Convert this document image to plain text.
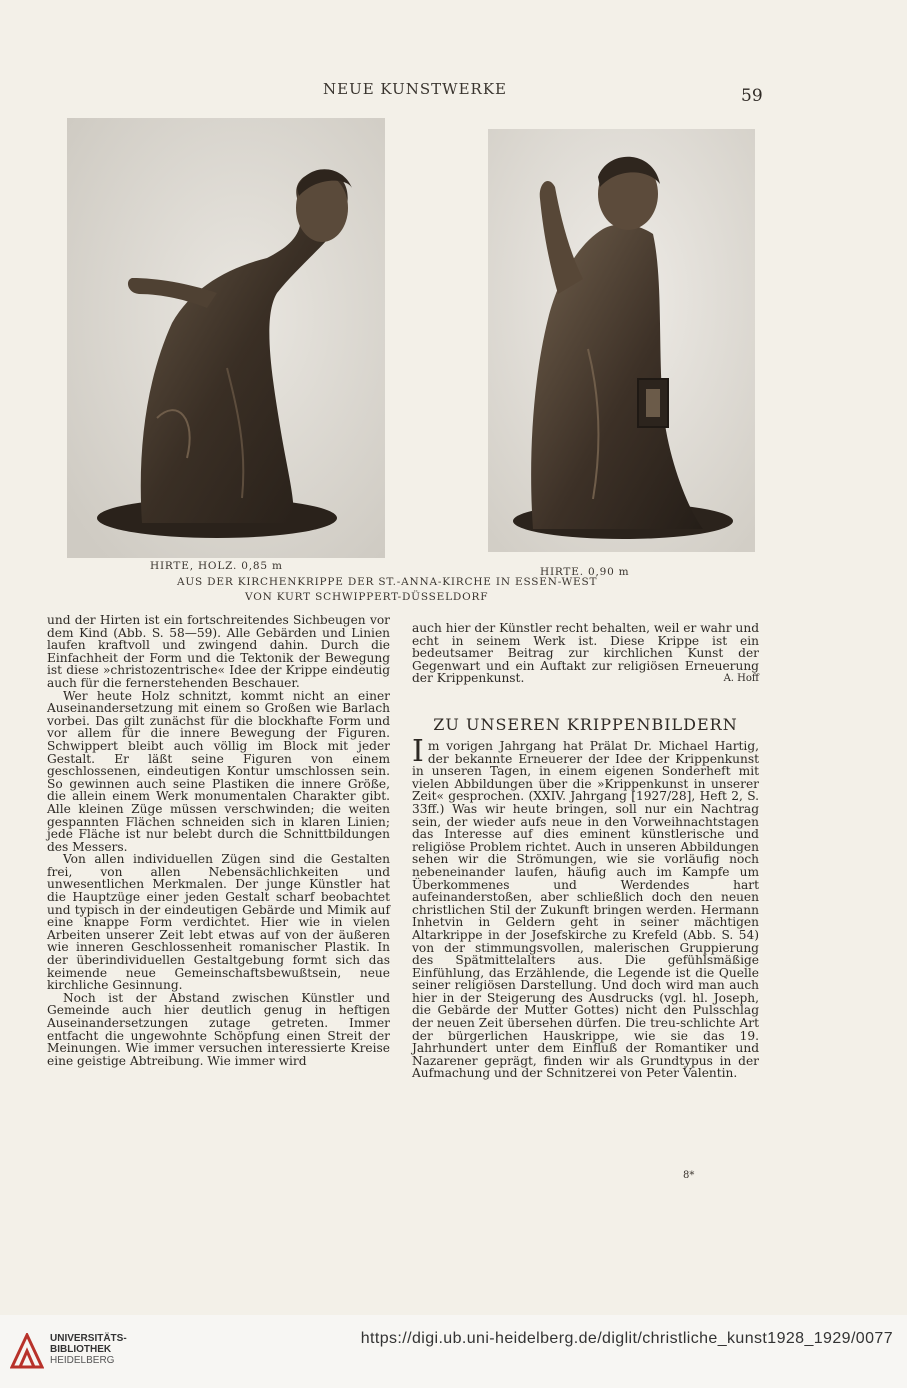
NEUE KUNSTWERKE	59
HIRTE, HOLZ. 0,85 m	HIRTE. 0,90 m
AUS DER KIRCHENKRIPPE DER ST.-ANNA-KIRCHE IN ESSEN-WEST
VON KURT SCHWIPPERT-DÜSSELDORF

und der Hirten ist ein fortschreitendes Sichbeugen vor dem Kind (Abb. S. 58—59). Alle Gebärden und Linien laufen kraftvoll und zwingend dahin. Durch die Einfachheit der Form und die Tektonik der Bewegung ist diese »christozentrische« Idee der Krippe eindeutig auch für die fernerstehenden Beschauer.

Wer heute Holz schnitzt, kommt nicht an einer Auseinandersetzung mit einem so Großen wie Barlach vorbei. Das gilt zunächst für die blockhafte Form und vor allem für die innere Bewegung der Figuren. Schwippert bleibt auch völlig im Block mit jeder Gestalt. Er läßt seine Figuren von einem geschlossenen, eindeutigen Kontur umschlossen sein. So gewinnen auch seine Plastiken die innere Größe, die allein einem Werk monumentalen Charakter gibt. Alle kleinen Züge müssen verschwinden; die weiten gespannten Flächen schneiden sich in klaren Linien; jede Fläche ist nur belebt durch die Schnittbildungen des Messers.

Von allen individuellen Zügen sind die Gestalten frei, von allen Nebensächlichkeiten und unwesentlichen Merkmalen. Der junge Künstler hat die Hauptzüge einer jeden Gestalt scharf beobachtet und typisch in der eindeutigen Gebärde und Mimik auf eine knappe Form verdichtet. Hier wie in vielen Arbeiten unserer Zeit lebt etwas auf von der äußeren wie inneren Geschlossenheit romanischer Plastik. In der überindividuellen Gestaltgebung formt sich das keimende neue Gemeinschaftsbewußtsein, neue kirchliche Gesinnung.

Noch ist der Abstand zwischen Künstler und Gemeinde auch hier deutlich genug in heftigen Auseinandersetzungen zutage getreten. Immer entfacht die ungewohnte Schöpfung einen Streit der Meinungen. Wie immer versuchen interessierte Kreise eine geistige Abtreibung. Wie immer wird

auch hier der Künstler recht behalten, weil er wahr und echt in seinem Werk ist. Diese Krippe ist ein bedeutsamer Beitrag zur kirchlichen Kunst der Gegenwart und ein Auftakt zur religiösen Erneuerung der Krippenkunst.	A. Hoff
ZU UNSEREN KRIPPENBILDERN

Im vorigen Jahrgang hat Prälat Dr. Michael Hartig, der bekannte Erneuerer der Idee der Krippenkunst in unseren Tagen, in einem eigenen Sonderheft mit vielen Abbildungen über die »Krippenkunst in unserer Zeit« gesprochen. (XXIV. Jahrgang [1927/28], Heft 2, S. 33ff.) Was wir heute bringen, soll nur ein Nachtrag sein, der wieder aufs neue in den Vorweihnachtstagen das Interesse auf dies eminent künstlerische und religiöse Problem richtet. Auch in unseren Abbildungen sehen wir die Strömungen, wie sie vorläufig noch nebeneinander laufen, häufig auch im Kampfe um Überkommenes und Werdendes hart aufeinanderstoßen, aber schließlich doch den neuen christlichen Stil der Zukunft bringen werden. Hermann Inhetvin in Geldern geht in seiner mächtigen Altarkrippe in der Josefskirche zu Krefeld (Abb. S. 54) von der stimmungsvollen, malerischen Gruppierung des Spätmittelalters aus. Die gefühlsmäßige Einfühlung, das Erzählende, die Legende ist die Quelle seiner religiösen Darstellung. Und doch wird man auch hier in der Steigerung des Ausdrucks (vgl. hl. Joseph, die Gebärde der Mutter Gottes) nicht den Pulsschlag der neuen Zeit übersehen dürfen. Die treu-schlichte Art der bürgerlichen Hauskrippe, wie sie das 19. Jahrhundert unter dem Einfluß der Romantiker und Nazarener geprägt, finden wir als Grundtypus in der Aufmachung und der Schnitzerei von Peter Valentin.

8*
UNIVERSITÄTS-
BIBLIOTHEK
HEIDELBERG
https://digi.ub.uni-heidelberg.de/diglit/christliche_kunst1928_1929/0077
